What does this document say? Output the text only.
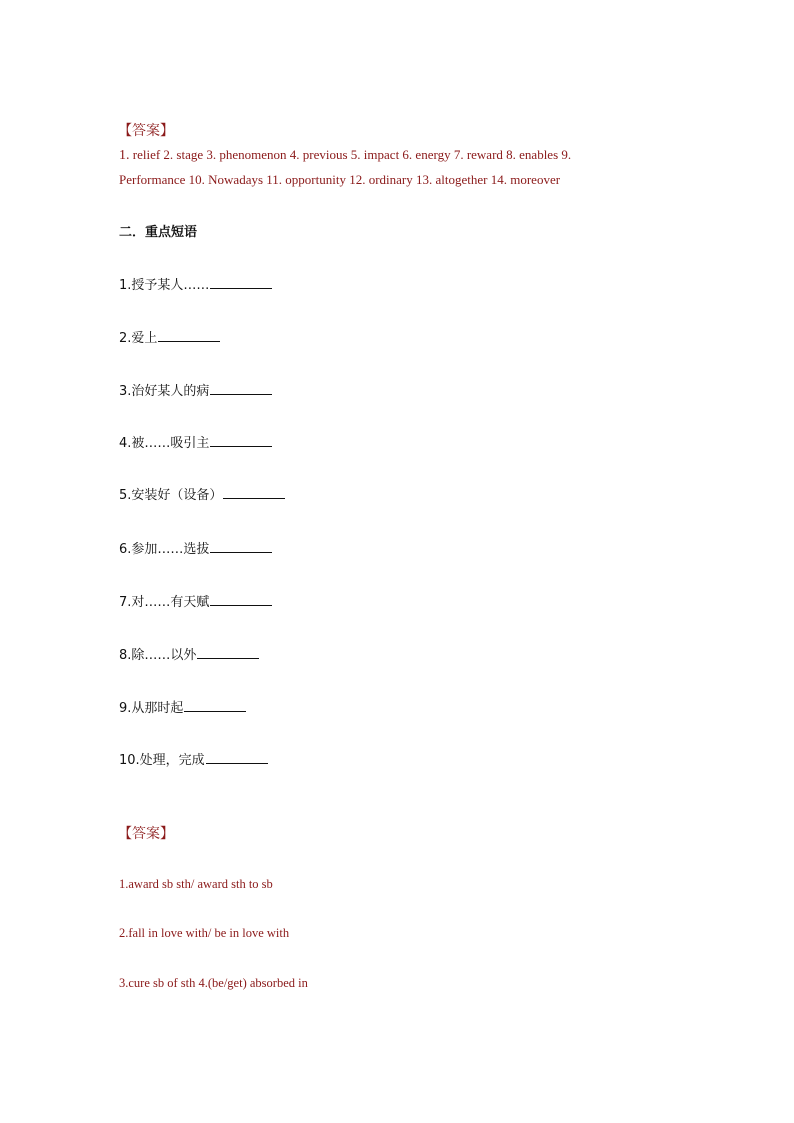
【答案】
1. relief 2. stage 3. phenomenon 4. previous 5. impact 6. energy 7. reward 8. enables 9.
Performance 10. Nowadays 11. opportunity 12. ordinary 13. altogether 14. moreover
二．重点短语
1.授予某人……
2.爱上
3.治好某人的病
4.被……吸引主
5.安装好（设备）
6.参加……选拔
7.对……有天赋
8.除……以外
9.从那时起
10.处理，完成
【答案】
1.award sb sth/ award sth to sb
2.fall in love with/ be in love with
3.cure sb of sth 4.(be/get) absorbed in
